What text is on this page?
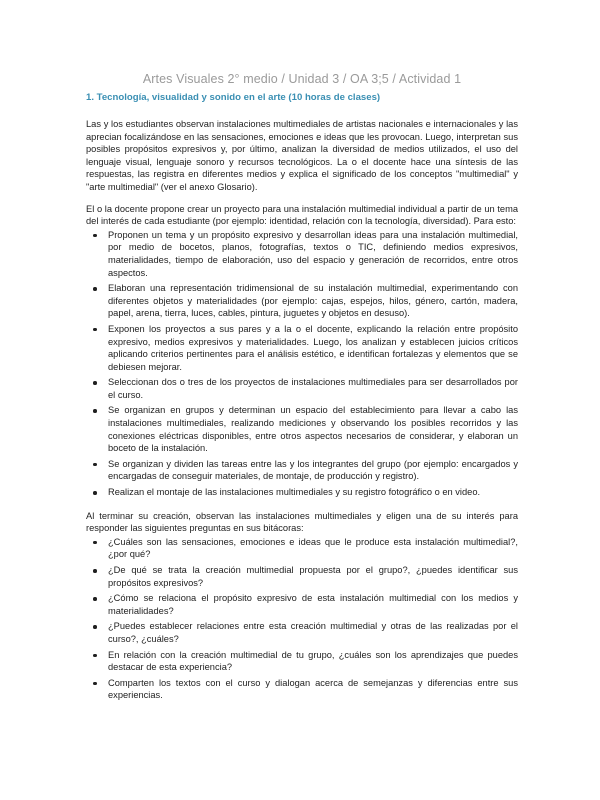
Artes Visuales 2° medio / Unidad 3 / OA 3;5 / Actividad 1
1. Tecnología, visualidad y sonido en el arte (10 horas de clases)

Las y los estudiantes observan instalaciones multimediales de artistas nacionales e internacionales y las aprecian focalizándose en las sensaciones, emociones e ideas que les provocan. Luego, interpretan sus posibles propósitos expresivos y, por último, analizan la diversidad de medios utilizados, el uso del lenguaje visual, lenguaje sonoro y recursos tecnológicos. La o el docente hace una síntesis de las respuestas, las registra en diferentes medios y explica el significado de los conceptos "multimedial" y "arte multimedial" (ver el anexo Glosario).

El o la docente propone crear un proyecto para una instalación multimedial individual a partir de un tema del interés de cada estudiante (por ejemplo: identidad, relación con la tecnología, diversidad). Para esto:

Proponen un tema y un propósito expresivo y desarrollan ideas para una instalación multimedial, por medio de bocetos, planos, fotografías, textos o TIC, definiendo medios expresivos, materialidades, tiempo de elaboración, uso del espacio y generación de recorridos, entre otros aspectos.
Elaboran una representación tridimensional de su instalación multimedial, experimentando con diferentes objetos y materialidades (por ejemplo: cajas, espejos, hilos, género, cartón, madera, papel, arena, tierra, luces, cables, pintura, juguetes y objetos en desuso).
Exponen los proyectos a sus pares y a la o el docente, explicando la relación entre propósito expresivo, medios expresivos y materialidades. Luego, los analizan y establecen juicios críticos aplicando criterios pertinentes para el análisis estético, e identifican fortalezas y elementos que se debiesen mejorar.
Seleccionan dos o tres de los proyectos de instalaciones multimediales para ser desarrollados por el curso.
Se organizan en grupos y determinan un espacio del establecimiento para llevar a cabo las instalaciones multimediales, realizando mediciones y observando los posibles recorridos y las conexiones eléctricas disponibles, entre otros aspectos necesarios de considerar, y elaboran un boceto de la instalación.
Se organizan y dividen las tareas entre las y los integrantes del grupo (por ejemplo: encargados y encargadas de conseguir materiales, de montaje, de producción y registro).
Realizan el montaje de las instalaciones multimediales y su registro fotográfico o en video.

Al terminar su creación, observan las instalaciones multimediales y eligen una de su interés para responder las siguientes preguntas en sus bitácoras:

¿Cuáles son las sensaciones, emociones e ideas que le produce esta instalación multimedial?, ¿por qué?
¿De qué se trata la creación multimedial propuesta por el grupo?, ¿puedes identificar sus propósitos expresivos?
¿Cómo se relaciona el propósito expresivo de esta instalación multimedial con los medios y materialidades?
¿Puedes establecer relaciones entre esta creación multimedial y otras de las realizadas por el curso?, ¿cuáles?
En relación con la creación multimedial de tu grupo, ¿cuáles son los aprendizajes que puedes destacar de esta experiencia?
Comparten los textos con el curso y dialogan acerca de semejanzas y diferencias entre sus experiencias.
